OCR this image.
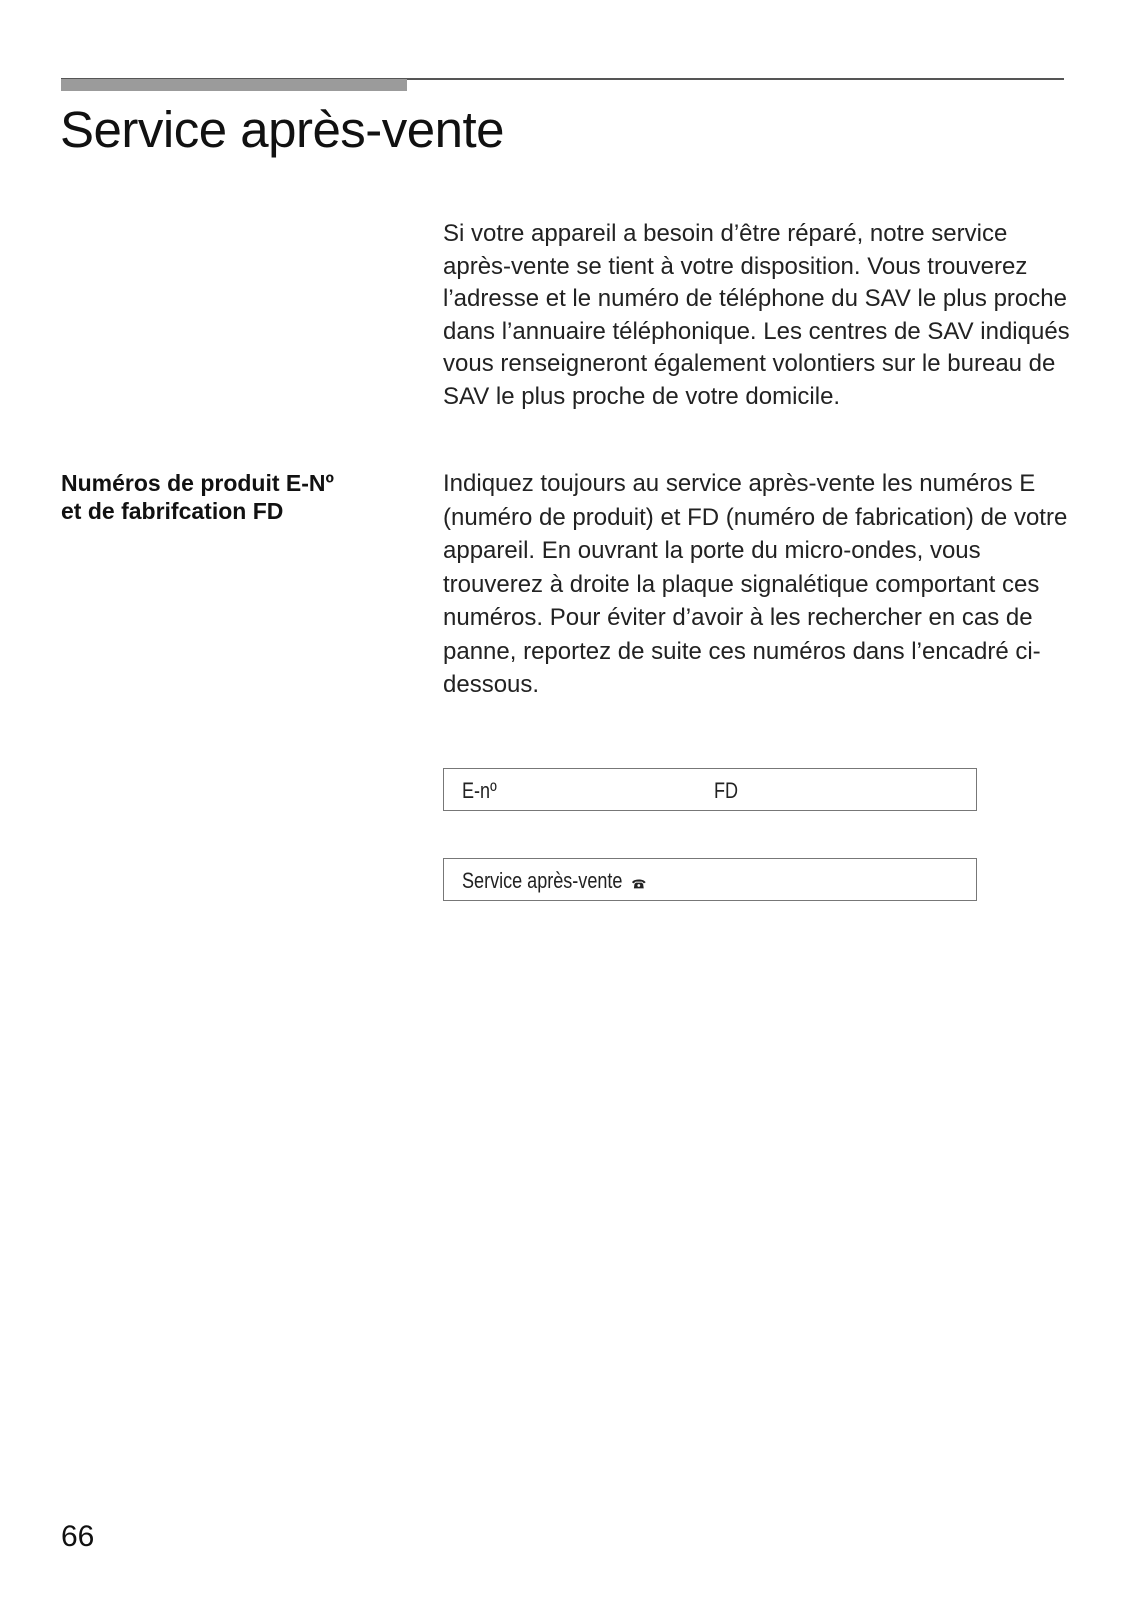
Service après-vente

Si votre appareil a besoin d’être réparé, notre service après-vente se tient à votre disposition. Vous trouverez l’adresse et le numéro de téléphone du SAV le plus proche dans l’annuaire téléphonique. Les centres de SAV indiqués vous renseigneront également volontiers sur le bureau de SAV le plus proche de votre domicile.

Numéros de produit E-Nº
et de fabrifcation FD

Indiquez toujours au service après-vente les numéros E (numéro de produit) et FD (numéro de fabrication) de votre appareil. En ouvrant la porte du micro-ondes, vous trouverez à droite la plaque signalétique comportant ces numéros. Pour éviter d’avoir à les rechercher en cas de panne, reportez de suite ces numéros dans l’encadré ci-dessous.

E-nº	FD
Service après-vente

66
